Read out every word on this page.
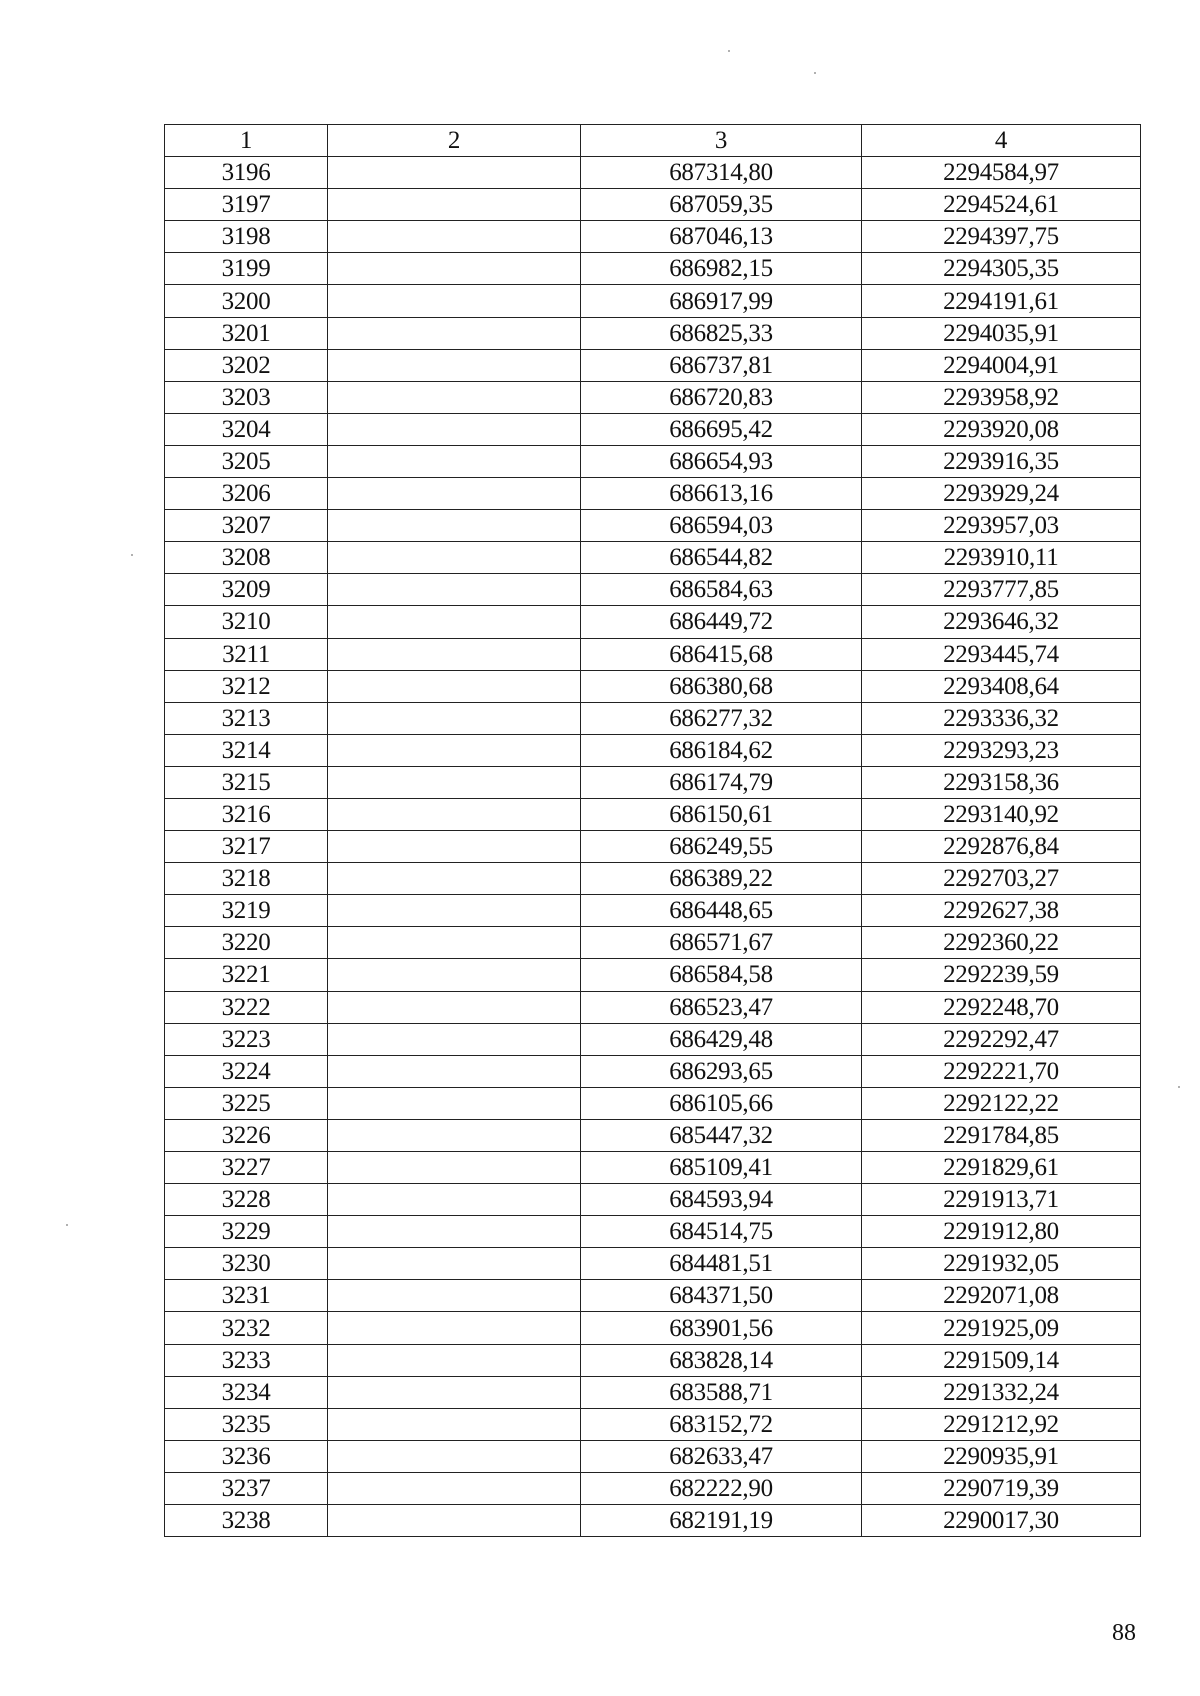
1	2	3	4
3196		687314,80	2294584,97
3197		687059,35	2294524,61
3198		687046,13	2294397,75
3199		686982,15	2294305,35
3200		686917,99	2294191,61
3201		686825,33	2294035,91
3202		686737,81	2294004,91
3203		686720,83	2293958,92
3204		686695,42	2293920,08
3205		686654,93	2293916,35
3206		686613,16	2293929,24
3207		686594,03	2293957,03
3208		686544,82	2293910,11
3209		686584,63	2293777,85
3210		686449,72	2293646,32
3211		686415,68	2293445,74
3212		686380,68	2293408,64
3213		686277,32	2293336,32
3214		686184,62	2293293,23
3215		686174,79	2293158,36
3216		686150,61	2293140,92
3217		686249,55	2292876,84
3218		686389,22	2292703,27
3219		686448,65	2292627,38
3220		686571,67	2292360,22
3221		686584,58	2292239,59
3222		686523,47	2292248,70
3223		686429,48	2292292,47
3224		686293,65	2292221,70
3225		686105,66	2292122,22
3226		685447,32	2291784,85
3227		685109,41	2291829,61
3228		684593,94	2291913,71
3229		684514,75	2291912,80
3230		684481,51	2291932,05
3231		684371,50	2292071,08
3232		683901,56	2291925,09
3233		683828,14	2291509,14
3234		683588,71	2291332,24
3235		683152,72	2291212,92
3236		682633,47	2290935,91
3237		682222,90	2290719,39
3238		682191,19	2290017,30
88
